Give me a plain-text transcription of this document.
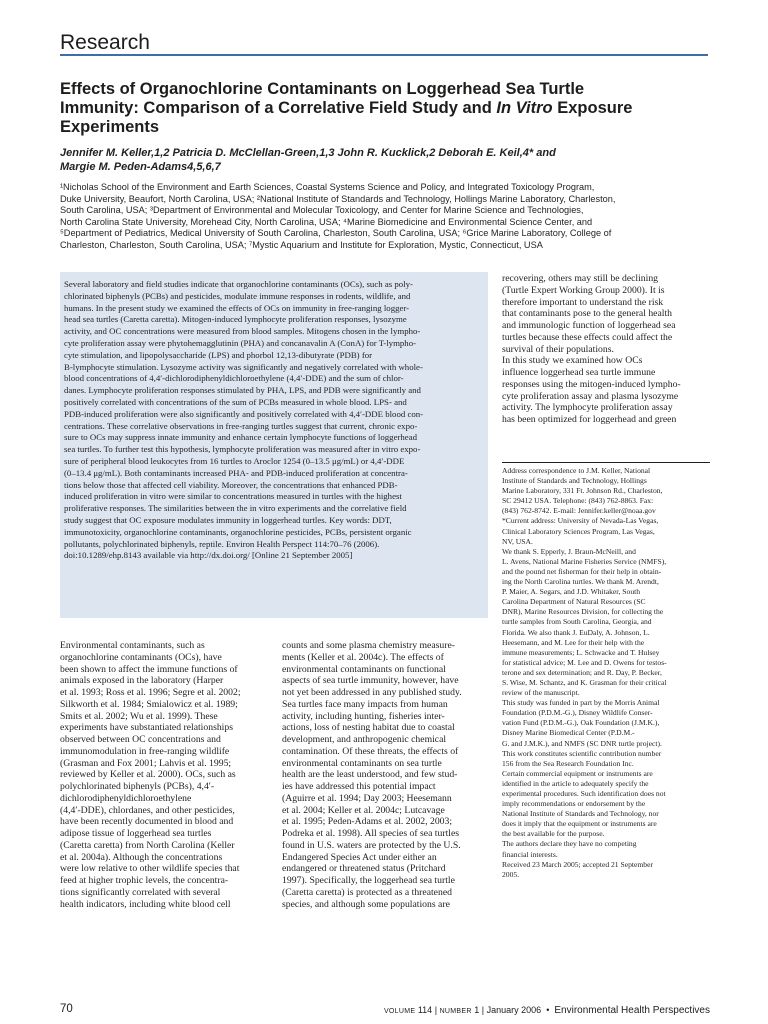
Research
Effects of Organochlorine Contaminants on Loggerhead Sea Turtle
Immunity: Comparison of a Correlative Field Study and In Vitro Exposure
Experiments
Jennifer M. Keller,1,2 Patricia D. McClellan-Green,1,3 John R. Kucklick,2 Deborah E. Keil,4* and
Margie M. Peden-Adams4,5,6,7
¹Nicholas School of the Environment and Earth Sciences, Coastal Systems Science and Policy, and Integrated Toxicology Program,
Duke University, Beaufort, North Carolina, USA; ²National Institute of Standards and Technology, Hollings Marine Laboratory, Charleston,
South Carolina, USA; ³Department of Environmental and Molecular Toxicology, and Center for Marine Science and Technologies,
North Carolina State University, Morehead City, North Carolina, USA; ⁴Marine Biomedicine and Environmental Science Center, and
⁵Department of Pediatrics, Medical University of South Carolina, Charleston, South Carolina, USA; ⁶Grice Marine Laboratory, College of
Charleston, Charleston, South Carolina, USA; ⁷Mystic Aquarium and Institute for Exploration, Mystic, Connecticut, USA
Several laboratory and field studies indicate that organochlorine contaminants (OCs), such as poly-
chlorinated biphenyls (PCBs) and pesticides, modulate immune responses in rodents, wildlife, and
humans. In the present study we examined the effects of OCs on immunity in free-ranging logger-
head sea turtles (Caretta caretta). Mitogen-induced lymphocyte proliferation responses, lysozyme
activity, and OC concentrations were measured from blood samples. Mitogens chosen in the lympho-
cyte proliferation assay were phytohemagglutinin (PHA) and concanavalin A (ConA) for T-lympho-
cyte stimulation, and lipopolysaccharide (LPS) and phorbol 12,13-dibutyrate (PDB) for
B-lymphocyte stimulation. Lysozyme activity was significantly and negatively correlated with whole-
blood concentrations of 4,4′-dichlorodiphenyldichloroethylene (4,4′-DDE) and the sum of chlor-
danes. Lymphocyte proliferation responses stimulated by PHA, LPS, and PDB were significantly and
positively correlated with concentrations of the sum of PCBs measured in whole blood. LPS- and
PDB-induced proliferation were also significantly and positively correlated with 4,4′-DDE blood con-
centrations. These correlative observations in free-ranging turtles suggest that current, chronic expo-
sure to OCs may suppress innate immunity and enhance certain lymphocyte functions of loggerhead
sea turtles. To further test this hypothesis, lymphocyte proliferation was measured after in vitro expo-
sure of peripheral blood leukocytes from 16 turtles to Aroclor 1254 (0–13.5 μg/mL) or 4,4′-DDE
(0–13.4 μg/mL). Both contaminants increased PHA- and PDB-induced proliferation at concentra-
tions below those that affected cell viability. Moreover, the concentrations that enhanced PDB-
induced proliferation in vitro were similar to concentrations measured in turtles with the highest
proliferative responses. The similarities between the in vitro experiments and the correlative field
study suggest that OC exposure modulates immunity in loggerhead turtles. Key words: DDT,
immunotoxicity, organochlorine contaminants, organochlorine pesticides, PCBs, persistent organic
pollutants, polychlorinated biphenyls, reptile. Environ Health Perspect 114:70–76 (2006).
doi:10.1289/ehp.8143 available via http://dx.doi.org/ [Online 21 September 2005]
Environmental contaminants, such as
organochlorine contaminants (OCs), have
been shown to affect the immune functions of
animals exposed in the laboratory (Harper
et al. 1993; Ross et al. 1996; Segre et al. 2002;
Silkworth et al. 1984; Smialowicz et al. 1989;
Smits et al. 2002; Wu et al. 1999). These
experiments have substantiated relationships
observed between OC concentrations and
immunomodulation in free-ranging wildlife
(Grasman and Fox 2001; Lahvis et al. 1995;
reviewed by Keller et al. 2000). OCs, such as
polychlorinated biphenyls (PCBs), 4,4′-
dichlorodiphenyldichloroethylene
(4,4′-DDE), chlordanes, and other pesticides,
have been recently documented in blood and
adipose tissue of loggerhead sea turtles
(Caretta caretta) from North Carolina (Keller
et al. 2004a). Although the concentrations
were low relative to other wildlife species that
feed at higher trophic levels, the concentra-
tions significantly correlated with several
health indicators, including white blood cell
counts and some plasma chemistry measure-
ments (Keller et al. 2004c). The effects of
environmental contaminants on functional
aspects of sea turtle immunity, however, have
not yet been addressed in any published study.
Sea turtles face many impacts from human
activity, including hunting, fisheries inter-
actions, loss of nesting habitat due to coastal
development, and anthropogenic chemical
contamination. Of these threats, the effects of
environmental contaminants on sea turtle
health are the least understood, and few stud-
ies have addressed this potential impact
(Aguirre et al. 1994; Day 2003; Heesemann
et al. 2004; Keller et al. 2004c; Lutcavage
et al. 1995; Peden-Adams et al. 2002, 2003;
Podreka et al. 1998). All species of sea turtles
found in U.S. waters are protected by the U.S.
Endangered Species Act under either an
endangered or threatened status (Pritchard
1997). Specifically, the loggerhead sea turtle
(Caretta caretta) is protected as a threatened
species, and although some populations are
recovering, others may still be declining
(Turtle Expert Working Group 2000). It is
therefore important to understand the risk
that contaminants pose to the general health
and immunologic function of loggerhead sea
turtles because these effects could affect the
survival of their populations.
In this study we examined how OCs
influence loggerhead sea turtle immune
responses using the mitogen-induced lympho-
cyte proliferation assay and plasma lysozyme
activity. The lymphocyte proliferation assay
has been optimized for loggerhead and green
Address correspondence to J.M. Keller, National
Institute of Standards and Technology, Hollings
Marine Laboratory, 331 Ft. Johnson Rd., Charleston,
SC 29412 USA. Telephone: (843) 762-8863. Fax:
(843) 762-8742. E-mail: Jennifer.keller@noaa.gov
*Current address: University of Nevada-Las Vegas,
Clinical Laboratory Sciences Program, Las Vegas,
NV, USA.
We thank S. Epperly, J. Braun-McNeill, and
L. Avens, National Marine Fisheries Service (NMFS),
and the pound net fisherman for their help in obtain-
ing the North Carolina turtles. We thank M. Arendt,
P. Maier, A. Segars, and J.D. Whitaker, South
Carolina Department of Natural Resources (SC
DNR), Marine Resources Division, for collecting the
turtle samples from South Carolina, Georgia, and
Florida. We also thank J. EuDaly, A. Johnson, L.
Heesemann, and M. Lee for their help with the
immune measurements; L. Schwacke and T. Hulsey
for statistical advice; M. Lee and D. Owens for testos-
terone and sex determination; and R. Day, P. Becker,
S. Wise, M. Schantz, and K. Grasman for their critical
review of the manuscript.
This study was funded in part by the Morris Animal
Foundation (P.D.M.-G.), Disney Wildlife Conser-
vation Fund (P.D.M.-G.), Oak Foundation (J.M.K.),
Disney Marine Biomedical Center (P.D.M.-
G. and J.M.K.), and NMFS (SC DNR turtle project).
This work constitutes scientific contribution number
156 from the Sea Research Foundation Inc.
Certain commercial equipment or instruments are
identified in the article to adequately specify the
experimental procedures. Such identification does not
imply recommendations or endorsement by the
National Institute of Standards and Technology, nor
does it imply that the equipment or instruments are
the best available for the purpose.
The authors declare they have no competing
financial interests.
Received 23 March 2005; accepted 21 September
2005.
70	VOLUME 114 | NUMBER 1 | January 2006  •  Environmental Health Perspectives
